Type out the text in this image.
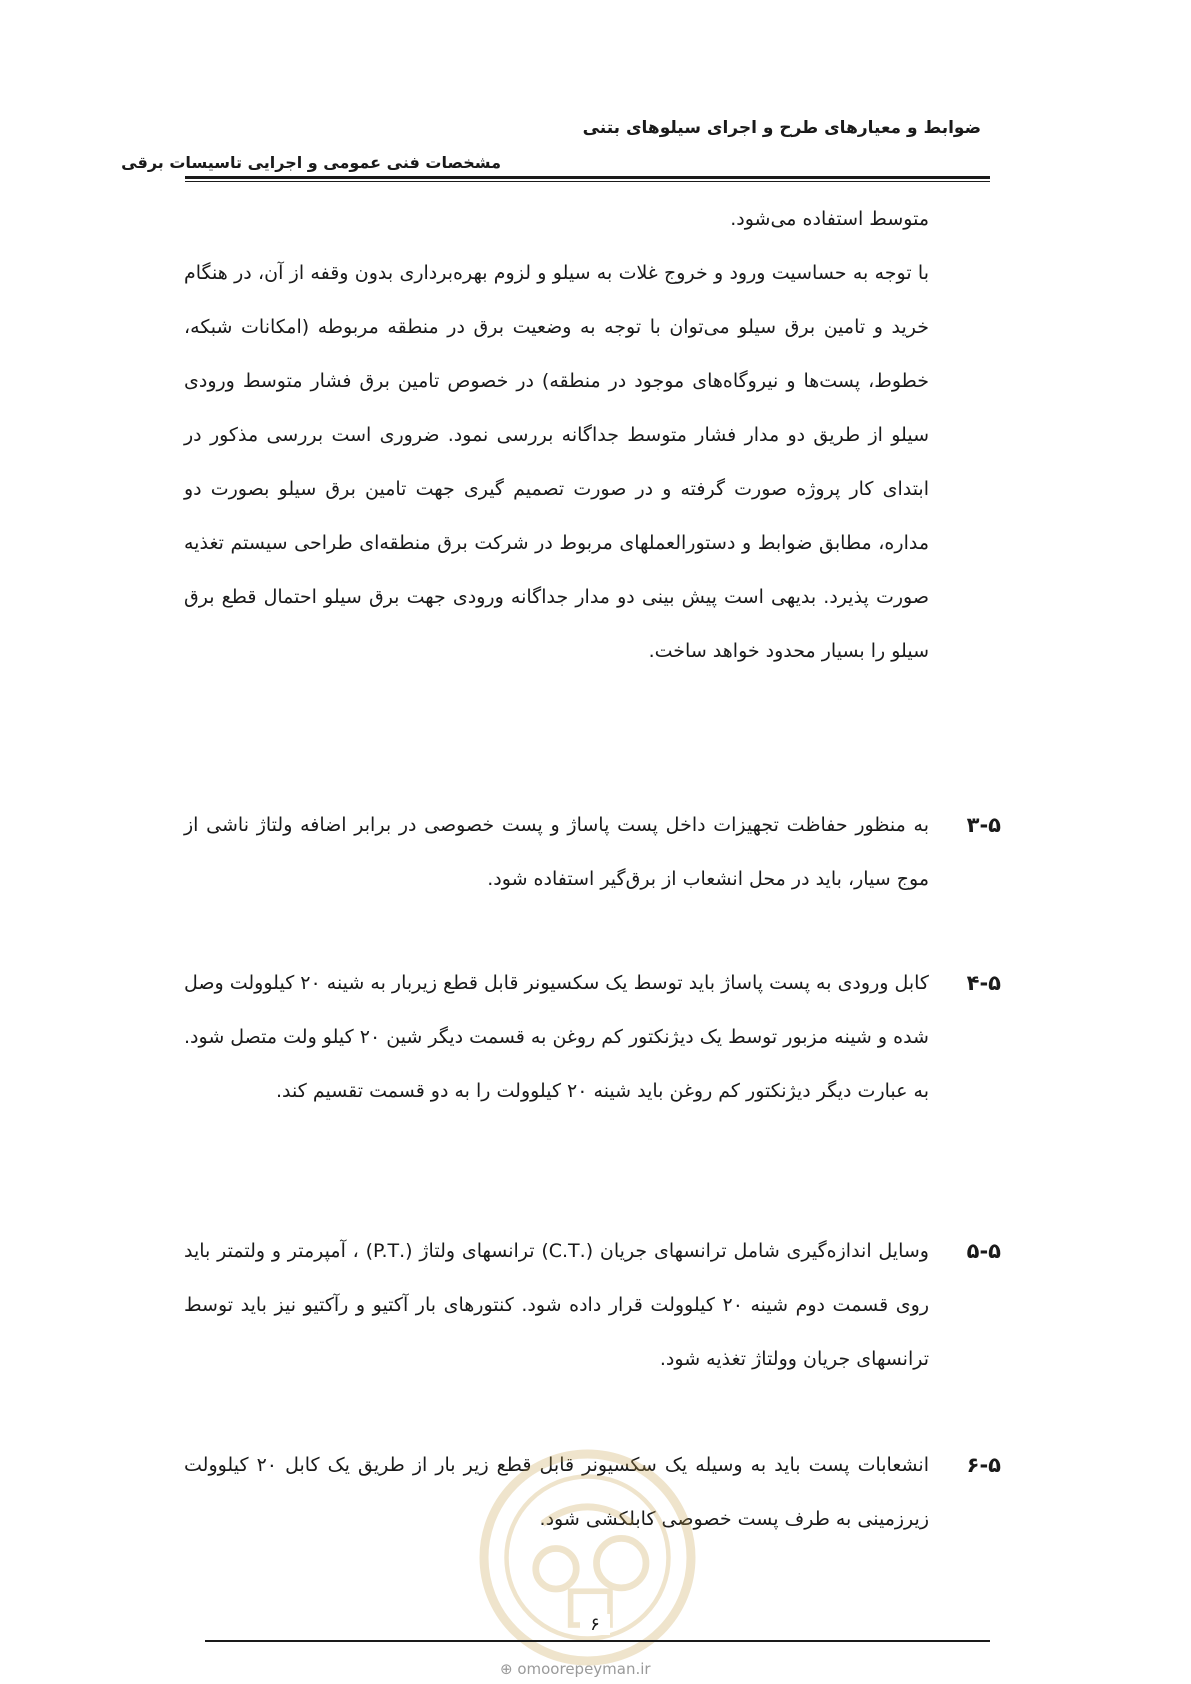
ضوابط و معیارهای طرح و اجرای سیلوهای بتنی
مشخصات فنی عمومی و اجرایی تاسیسات برقی
متوسط استفاده می‌شود.
با توجه به حساسیت ورود و خروج غلات به سیلو و لزوم بهره‌برداری بدون وقفه از آن، در هنگام خرید و تامین برق سیلو می‌توان با توجه به وضعیت برق در منطقه مربوطه (امکانات شبکه، خطوط، پست‌ها و نیروگاه‌های موجود در منطقه) در خصوص تامین برق فشار متوسط ورودی سیلو از طریق دو مدار فشار متوسط جداگانه بررسی نمود. ضروری است بررسی مذکور در ابتدای کار پروژه صورت گرفته و در صورت تصمیم گیری جهت تامین برق سیلو بصورت دو مداره، مطابق ضوابط و دستورالعملهای مربوط در شرکت برق منطقه‌ای طراحی سیستم تغذیه صورت پذیرد. بدیهی است پیش بینی دو مدار جداگانه ورودی جهت برق سیلو احتمال قطع برق سیلو را بسیار محدود خواهد ساخت.
۳-۵
به منظور حفاظت تجهیزات داخل پست پاساژ و پست خصوصی در برابر اضافه ولتاژ ناشی از موج سیار، باید در محل انشعاب از برق‌گیر استفاده شود.
۴-۵
کابل ورودی به پست پاساژ باید توسط یک سکسیونر قابل قطع زیربار به شینه ۲۰ کیلوولت وصل شده و شینه مزبور توسط یک دیژنکتور کم روغن به قسمت دیگر شین ۲۰ کیلو ولت متصل شود. به عبارت دیگر دیژنکتور کم روغن باید شینه ۲۰ کیلوولت را به دو قسمت تقسیم کند.
۵-۵
وسایل اندازه‌گیری شامل ترانسهای جریان (.C.T) ترانسهای ولتاژ (.P.T) ، آمپرمتر و ولتمتر باید روی قسمت دوم شینه ۲۰ کیلوولت قرار داده شود. کنتورهای بار آکتیو و رآکتیو نیز باید توسط ترانسهای جریان وولتاژ تغذیه شود.
۶-۵
انشعابات پست باید به وسیله یک سکسیونر قابل قطع زیر بار از طریق یک کابل ۲۰ کیلوولت زیرزمینی به طرف پست خصوصی کابلکشی شود.
۶
⊕ omoorepeyman.ir
